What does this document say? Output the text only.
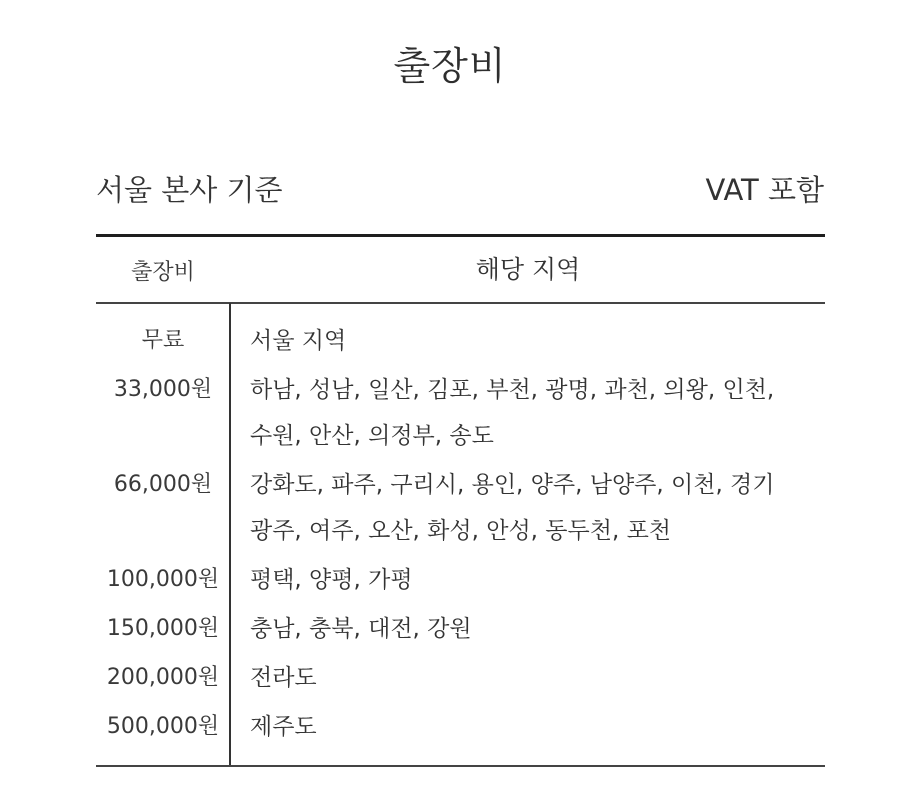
출장비
서울 본사 기준	VAT 포함
출장비	해당 지역
무료	서울 지역
33,000원	하남, 성남, 일산, 김포, 부천, 광명, 과천, 의왕, 인천, 수원, 안산, 의정부, 송도
66,000원	강화도, 파주, 구리시, 용인, 양주, 남양주, 이천, 경기 광주, 여주, 오산, 화성, 안성, 동두천, 포천
100,000원	평택, 양평, 가평
150,000원	충남, 충북, 대전, 강원
200,000원	전라도
500,000원	제주도
